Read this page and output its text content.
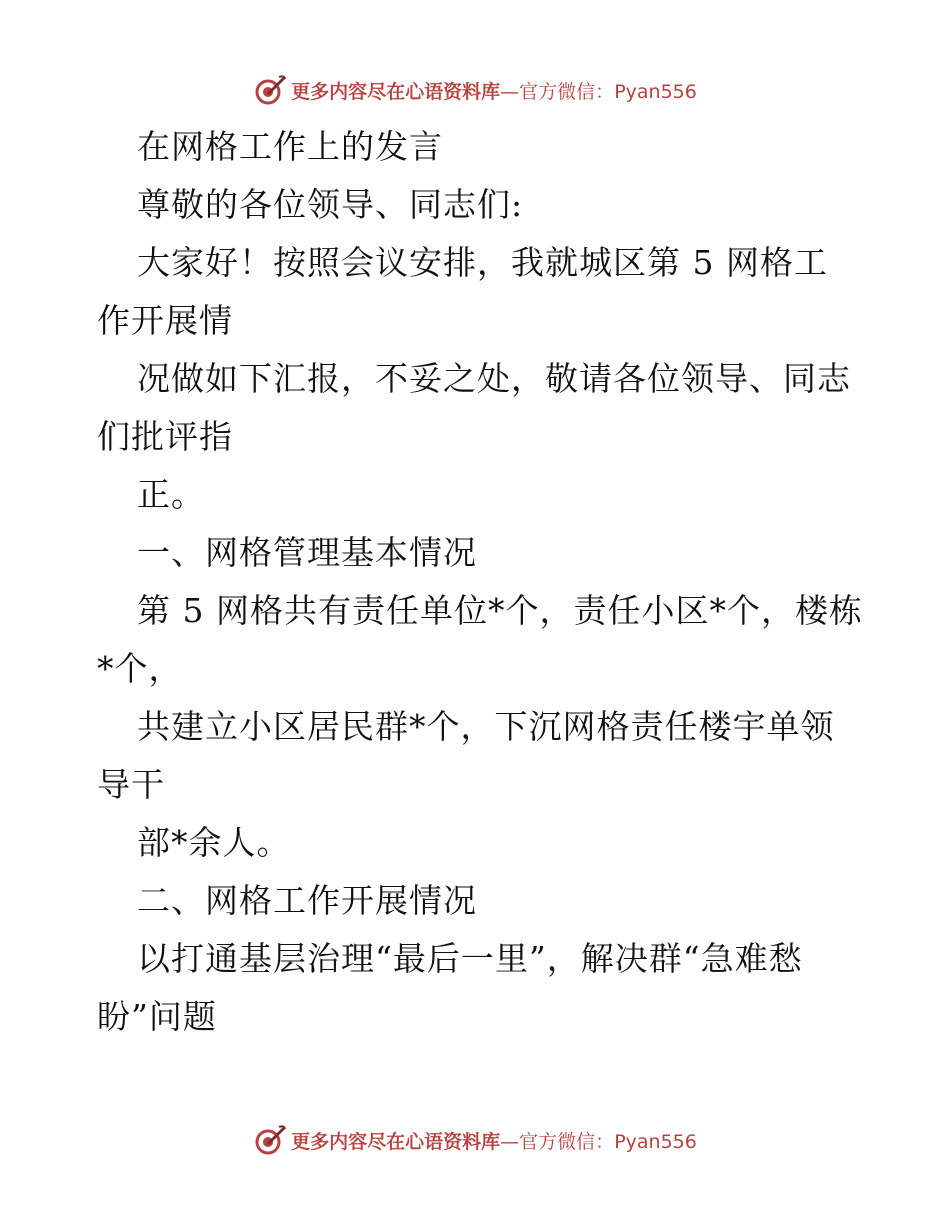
更多内容尽在心语资料库—官方微信：Pyan556
在网格工作上的发言
尊敬的各位领导、同志们:
大家好！按照会议安排，我就城区第 5 网格工
作开展情
况做如下汇报，不妥之处，敬请各位领导、同志
们批评指
正。
一、网格管理基本情况
第 5 网格共有责任单位*个，责任小区*个，楼栋
*个，
共建立小区居民群*个，下沉网格责任楼宇单领
导干
部*余人。
二、网格工作开展情况
以打通基层治理“最后一里”，解决群“急难愁
盼”问题
更多内容尽在心语资料库—官方微信：Pyan556
